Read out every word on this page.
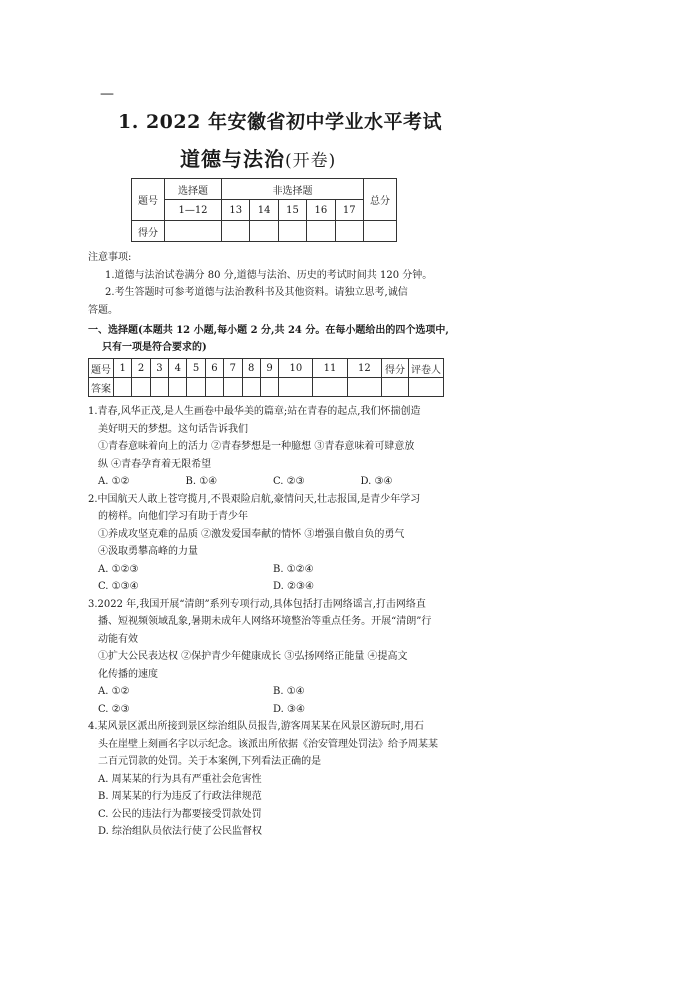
—
1. 2022 年安徽省初中学业水平考试
道德与法治(开卷)
题号	选择题	非选择题					总分
	1—12	13	14	15	16	17	
得分							
注意事项:
1.道德与法治试卷满分 80 分,道德与法治、历史的考试时间共 120 分钟。
2.考生答题时可参考道德与法治教科书及其他资料。请独立思考,诚信
答题。
一、选择题(本题共 12 小题,每小题 2 分,共 24 分。在每小题给出的四个选项中,
只有一项是符合要求的)
题号	1	2	3	4	5	6	7	8	9	10	11	12	得分	评卷人
答案														
1.青春,风华正茂,是人生画卷中最华美的篇章;站在青春的起点,我们怀揣创造
美好明天的梦想。这句话告诉我们
①青春意味着向上的活力 ②青春梦想是一种臆想 ③青春意味着可肆意放
纵 ④青春孕育着无限希望
A. ①②	B. ①④	C. ②③	D. ③④
2.中国航天人敢上苍穹揽月,不畏艰险启航,豪情问天,壮志报国,是青少年学习
的榜样。向他们学习有助于青少年
①养成攻坚克难的品质 ②激发爱国奉献的情怀 ③增强自傲自负的勇气
④汲取勇攀高峰的力量
A. ①②③	B. ①②④
C. ①③④	D. ②③④
3.2022 年,我国开展“清朗”系列专项行动,具体包括打击网络谣言,打击网络直
播、短视频领域乱象,暑期未成年人网络环境整治等重点任务。开展“清朗”行
动能有效
①扩大公民表达权 ②保护青少年健康成长 ③弘扬网络正能量 ④提高文
化传播的速度
A. ①②	B. ①④
C. ②③	D. ③④
4.某风景区派出所接到景区综治组队员报告,游客周某某在风景区游玩时,用石
头在崖壁上刻画名字以示纪念。该派出所依据《治安管理处罚法》给予周某某
二百元罚款的处罚。关于本案例,下列看法正确的是
A. 周某某的行为具有严重社会危害性
B. 周某某的行为违反了行政法律规范
C. 公民的违法行为都要接受罚款处罚
D. 综治组队员依法行使了公民监督权
